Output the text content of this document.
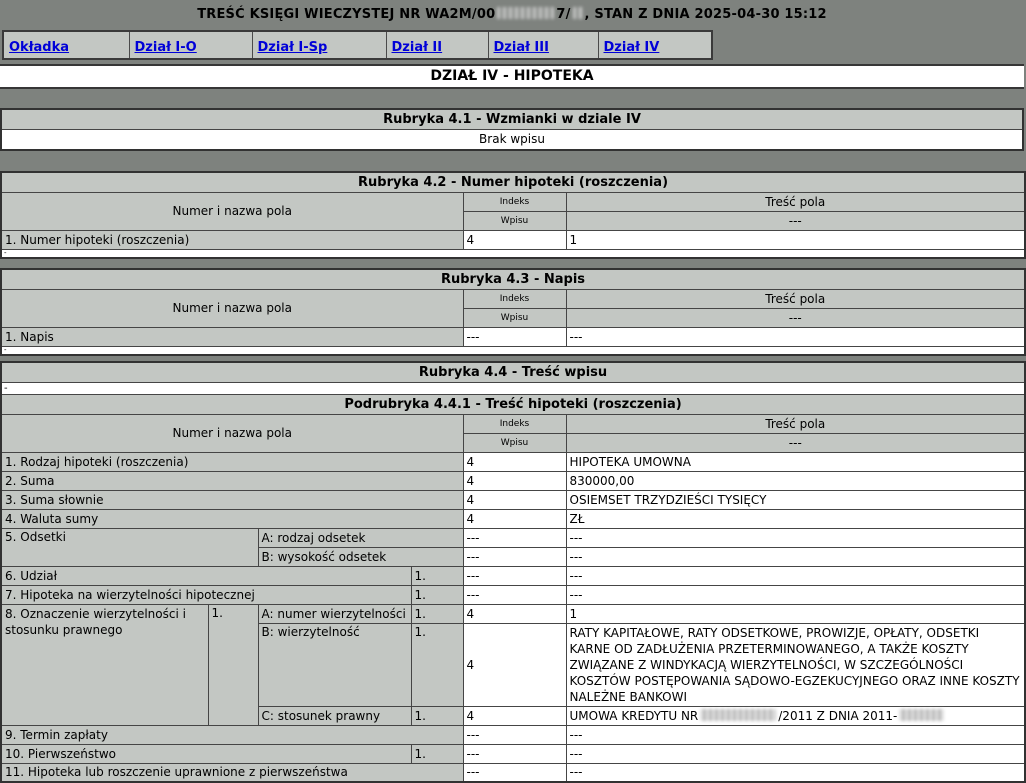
TREŚĆ KSIĘGI WIECZYSTEJ NR WA2M/00	7/ , STAN Z DNIA 2025-04-30 15:12
Okładka	Dział I-O	Dział I-Sp	Dział II	Dział III	Dział IV
DZIAŁ IV - HIPOTEKA
Rubryka 4.1 - Wzmianki w dziale IV
Brak wpisu
Rubryka 4.2 - Numer hipoteki (roszczenia)		
Numer i nazwa pola	Indeks	Treść pola
	Wpisu	---
1. Numer hipoteki (roszczenia)	4	1
-		
Rubryka 4.3 - Napis		
Numer i nazwa pola	Indeks	Treść pola
	Wpisu	---
1. Napis	---	---
-		
Rubryka 4.4 - Treść wpisu					
-					
Podrubryka 4.4.1 - Treść hipoteki (roszczenia)					
Numer i nazwa pola				Indeks	Treść pola
				Wpisu	---
1. Rodzaj hipoteki (roszczenia)				4	HIPOTEKA UMOWNA
2. Suma				4	830000,00
3. Suma słownie				4	OSIEMSET TRZYDZIEŚCI TYSIĘCY
4. Waluta sumy				4	ZŁ
5. Odsetki		A: rodzaj odsetek		---	---
		B: wysokość odsetek		---	---
6. Udział			1.	---	---
7. Hipoteka na wierzytelności hipotecznej			1.	---	---
8. Oznaczenie wierzytelności i stosunku prawnego	1.	A: numer wierzytelności	1.	4	1
		B: wierzytelność	1.	4	RATY KAPITAŁOWE, RATY ODSETKOWE, PROWIZJE, OPŁATY, ODSETKI KARNE OD ZADŁUŻENIA PRZETERMINOWANEGO, A TAKŻE KOSZTY ZWIĄZANE Z WINDYKACJĄ WIERZYTELNOŚCI, W SZCZEGÓLNOŚCI KOSZTÓW POSTĘPOWANIA SĄDOWO-EGZEKUCYJNEGO ORAZ INNE KOSZTY NALEŻNE BANKOWI
		C: stosunek prawny	1.	4	UMOWA KREDYTU NR /2011 Z DNIA 2011-
9. Termin zapłaty				---	---
10. Pierwszeństwo			1.	---	---
11. Hipoteka lub roszczenie uprawnione z pierwszeństwa				---	---
